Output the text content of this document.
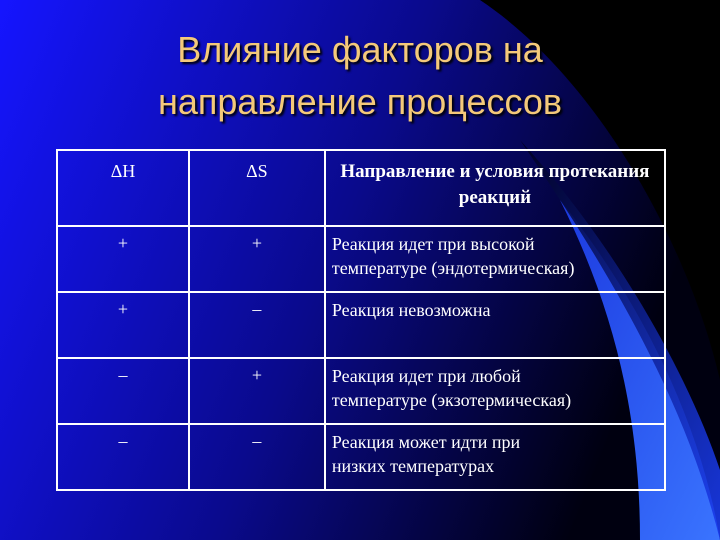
Влияние факторов на
направление процессов
ΔH	ΔS	Направление и условия протекания реакций

+	+	Реакция идет при высокой
температуре (эндотермическая)

+	–	Реакция невозможна

–	+	Реакция идет при любой
температуре (экзотермическая)

–	–	Реакция может идти при
низких температурах
